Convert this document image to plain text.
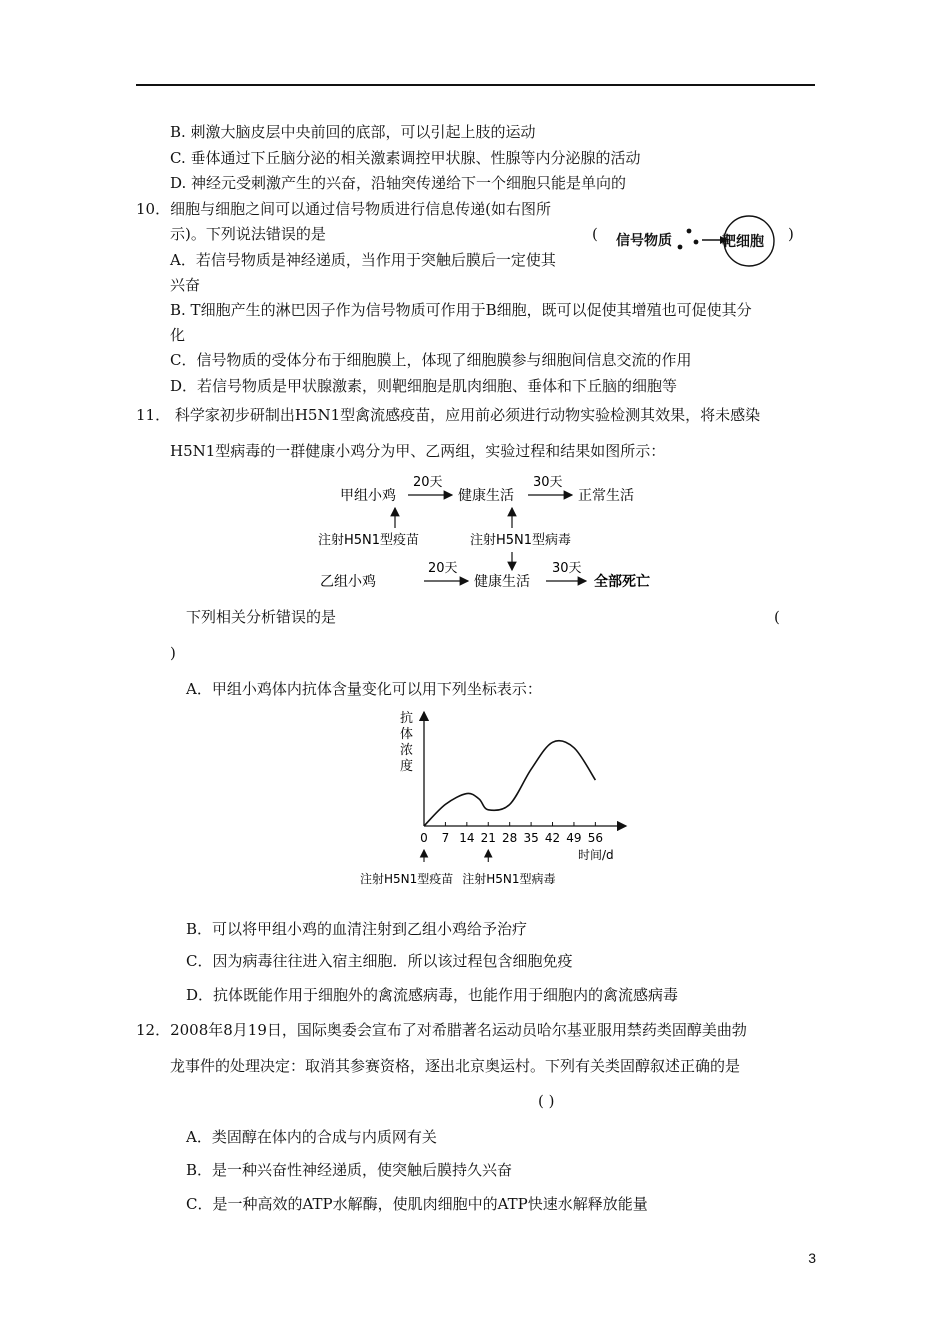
B. 刺激大脑皮层中央前回的底部，可以引起上肢的运动
C. 垂体通过下丘脑分泌的相关激素调控甲状腺、性腺等内分泌腺的活动
D. 神经元受刺激产生的兴奋，沿轴突传递给下一个细胞只能是单向的
10．细胞与细胞之间可以通过信号物质进行信息传递(如右图所
示)。下列说法错误的是	(	)
信号物质	靶细胞
A．若信号物质是神经递质，当作用于突触后膜后一定使其
兴奋
B. T细胞产生的淋巴因子作为信号物质可作用于B细胞，既可以促使其增殖也可促使其分
化
C．信号物质的受体分布于细胞膜上，体现了细胞膜参与细胞间信息交流的作用
D．若信号物质是甲状腺激素，则靶细胞是肌肉细胞、垂体和下丘脑的细胞等
11． 科学家初步研制出H5N1型禽流感疫苗，应用前必须进行动物实验检测其效果，将未感染
H5N1型病毒的一群健康小鸡分为甲、乙两组，实验过程和结果如图所示：
甲组小鸡
20天
健康生活
30天
正常生活
注射H5N1型疫苗	注射H5N1型病毒
乙组小鸡
20天
健康生活
30天
全部死亡
下列相关分析错误的是	(
)
A．甲组小鸡体内抗体含量变化可以用下列坐标表示：
抗体浓度
0 7 14 21 28 35 42 49 56
时间/d
注射H5N1型疫苗 注射H5N1型病毒
B．可以将甲组小鸡的血清注射到乙组小鸡给予治疗
C．因为病毒往往进入宿主细胞．所以该过程包含细胞免疫
D．抗体既能作用于细胞外的禽流感病毒，也能作用于细胞内的禽流感病毒
12．2008年8月19日，国际奥委会宣布了对希腊著名运动员哈尔基亚服用禁药类固醇美曲勃
龙事件的处理决定：取消其参赛资格，逐出北京奥运村。下列有关类固醇叙述正确的是
( )
A．类固醇在体内的合成与内质网有关
B．是一种兴奋性神经递质，使突触后膜持久兴奋
C．是一种高效的ATP水解酶，使肌肉细胞中的ATP快速水解释放能量
3
